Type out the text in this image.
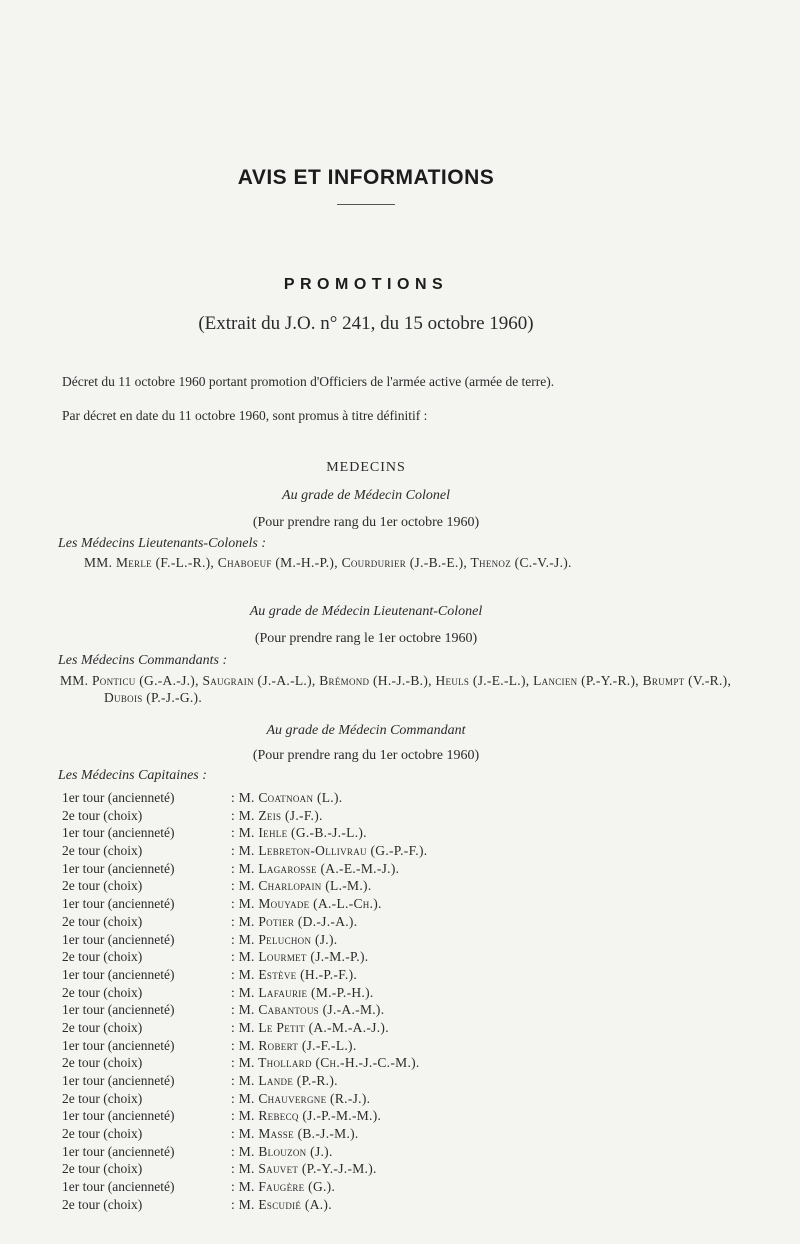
AVIS ET INFORMATIONS
PROMOTIONS
(Extrait du J.O. n° 241, du 15 octobre 1960)
Décret du 11 octobre 1960 portant promotion d'Officiers de l'armée active (armée de terre).
Par décret en date du 11 octobre 1960, sont promus à titre définitif :
MEDECINS
Au grade de Médecin Colonel
(Pour prendre rang du 1er octobre 1960)
Les Médecins Lieutenants-Colonels :
MM. Merle (F.-L.-R.), Chaboeuf (M.-H.-P.), Courdurier (J.-B.-E.), Thenoz (C.-V.-J.).
Au grade de Médecin Lieutenant-Colonel
(Pour prendre rang le 1er octobre 1960)
Les Médecins Commandants :
MM. Ponticu (G.-A.-J.), Saugrain (J.-A.-L.), Brémond (H.-J.-B.), Heuls (J.-E.-L.), Lancien (P.-Y.-R.), Brumpt (V.-R.), Dubois (P.-J.-G.).
Au grade de Médecin Commandant
(Pour prendre rang du 1er octobre 1960)
Les Médecins Capitaines :
1er tour (ancienneté)	: M. Coatnoan (L.).
2e tour (choix)	: M. Zeis (J.-F.).
1er tour (ancienneté)	: M. Iehle (G.-B.-J.-L.).
2e tour (choix)	: M. Lebreton-Ollivrau (G.-P.-F.).
1er tour (ancienneté)	: M. Lagarosse (A.-E.-M.-J.).
2e tour (choix)	: M. Charlopain (L.-M.).
1er tour (ancienneté)	: M. Mouyade (A.-L.-Ch.).
2e tour (choix)	: M. Potier (D.-J.-A.).
1er tour (ancienneté)	: M. Peluchon (J.).
2e tour (choix)	: M. Lourmet (J.-M.-P.).
1er tour (ancienneté)	: M. Estève (H.-P.-F.).
2e tour (choix)	: M. Lafaurie (M.-P.-H.).
1er tour (ancienneté)	: M. Cabantous (J.-A.-M.).
2e tour (choix)	: M. Le Petit (A.-M.-A.-J.).
1er tour (ancienneté)	: M. Robert (J.-F.-L.).
2e tour (choix)	: M. Thollard (Ch.-H.-J.-C.-M.).
1er tour (ancienneté)	: M. Lande (P.-R.).
2e tour (choix)	: M. Chauvergne (R.-J.).
1er tour (ancienneté)	: M. Rebecq (J.-P.-M.-M.).
2e tour (choix)	: M. Masse (B.-J.-M.).
1er tour (ancienneté)	: M. Blouzon (J.).
2e tour (choix)	: M. Sauvet (P.-Y.-J.-M.).
1er tour (ancienneté)	: M. Faugère (G.).
2e tour (choix)	: M. Escudié (A.).
